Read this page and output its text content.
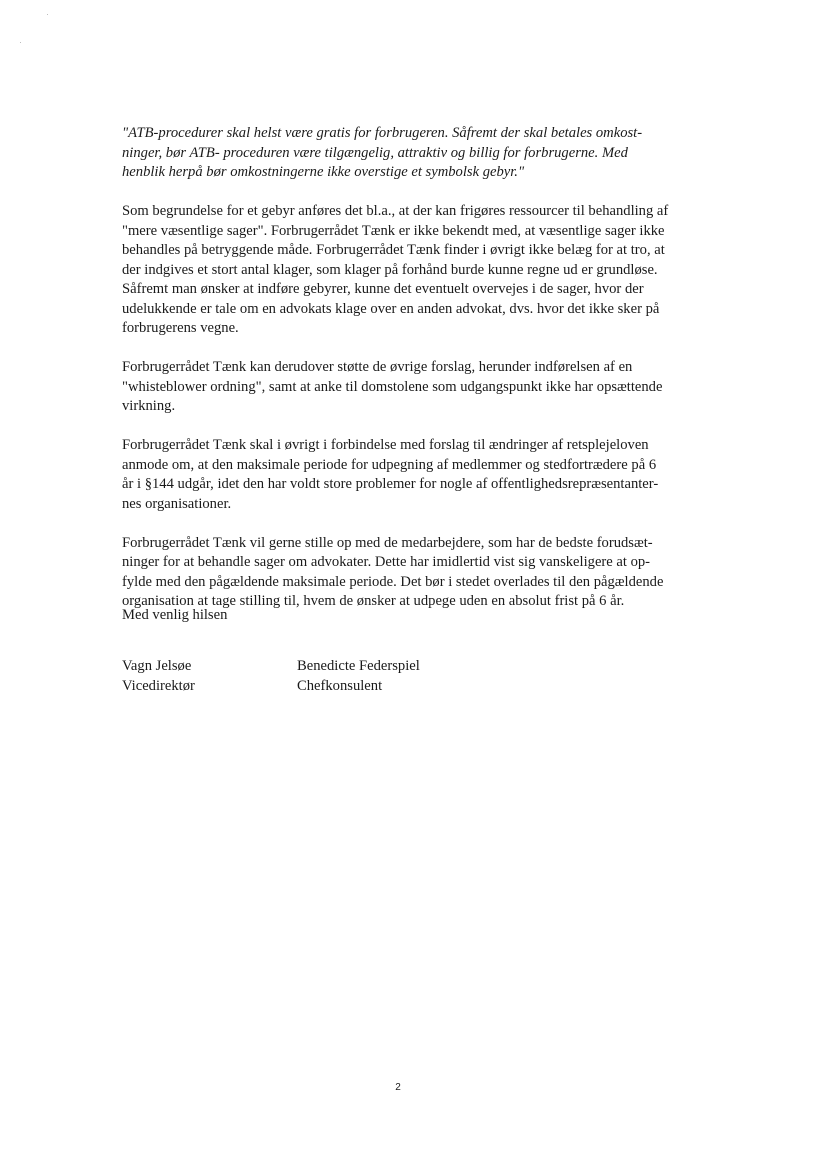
"ATB-procedurer skal helst være gratis for forbrugeren. Såfremt der skal betales omkost-
ninger, bør ATB- proceduren være tilgængelig, attraktiv og billig for forbrugerne. Med
henblik herpå bør omkostningerne ikke overstige et symbolsk gebyr."

Som begrundelse for et gebyr anføres det bl.a., at der kan frigøres ressourcer til behandling af
"mere væsentlige sager". Forbrugerrådet Tænk er ikke bekendt med, at væsentlige sager ikke
behandles på betryggende måde. Forbrugerrådet Tænk finder i øvrigt ikke belæg for at tro, at
der indgives et stort antal klager, som klager på forhånd burde kunne regne ud er grundløse.
Såfremt man ønsker at indføre gebyrer, kunne det eventuelt overvejes i de sager, hvor der
udelukkende er tale om en advokats klage over en anden advokat, dvs. hvor det ikke sker på
forbrugerens vegne.

Forbrugerrådet Tænk kan derudover støtte de øvrige forslag, herunder indførelsen af en
"whisteblower ordning", samt at anke til domstolene som udgangspunkt ikke har opsættende
virkning.

Forbrugerrådet Tænk skal i øvrigt i forbindelse med forslag til ændringer af retsplejeloven
anmode om, at den maksimale periode for udpegning af medlemmer og stedfortrædere på 6
år i §144 udgår, idet den har voldt store problemer for nogle af offentlighedsrepræsentanter-
nes organisationer.

Forbrugerrådet Tænk vil gerne stille op med de medarbejdere, som har de bedste forudsæt-
ninger for at behandle sager om advokater. Dette har imidlertid vist sig vanskeligere at op-
fylde med den pågældende maksimale periode. Det bør i stedet overlades til den pågældende
organisation at tage stilling til, hvem de ønsker at udpege uden en absolut frist på 6 år.

Med venlig hilsen
Vagn Jelsøe
Vicedirektør
Benedicte Federspiel
Chefkonsulent
2
